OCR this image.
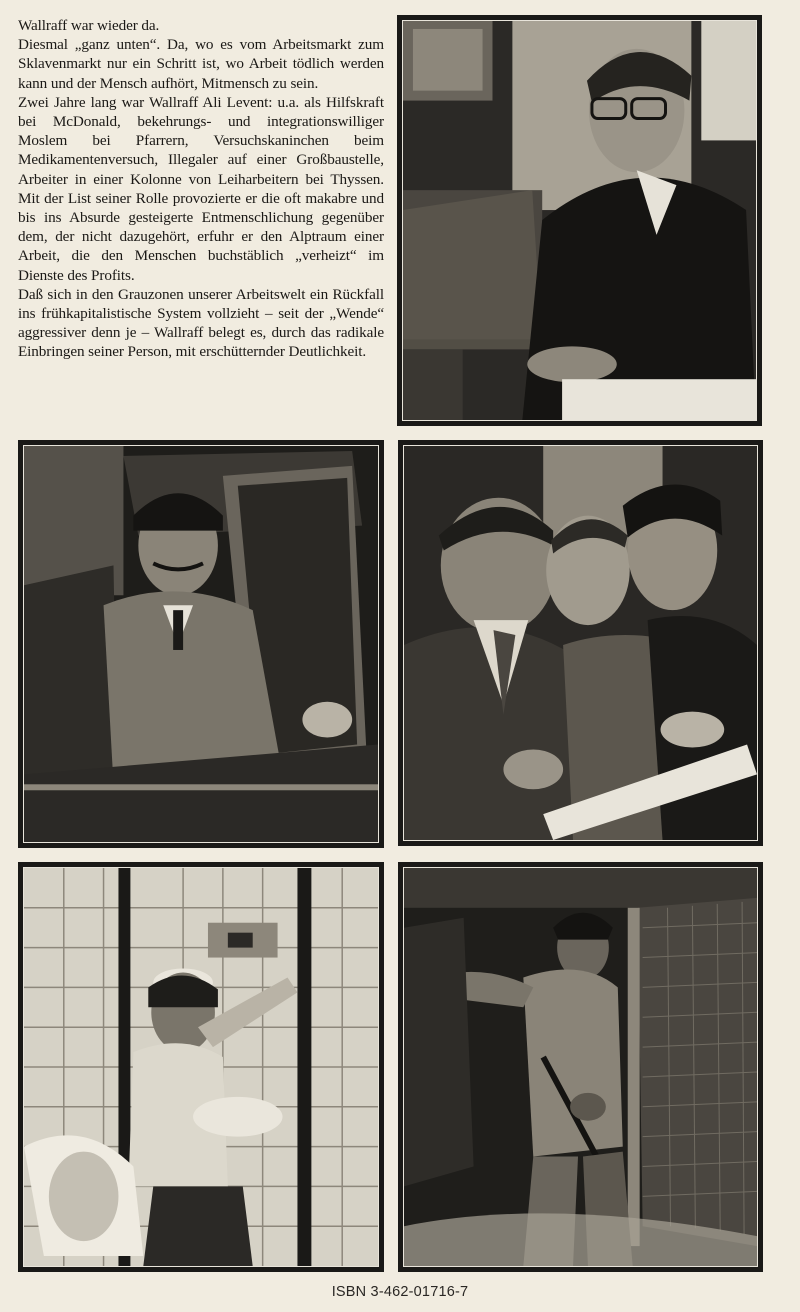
Wallraff war wieder da.

Diesmal „ganz unten“. Da, wo es vom Arbeitsmarkt zum Sklavenmarkt nur ein Schritt ist, wo Arbeit tödlich werden kann und der Mensch aufhört, Mitmensch zu sein.

Zwei Jahre lang war Wallraff Ali Levent: u.a. als Hilfskraft bei McDonald, bekehrungs- und integrationswilliger Moslem bei Pfarrern, Versuchskaninchen beim Medikamentenversuch, Illegaler auf einer Großbaustelle, Arbeiter in einer Kolonne von Leiharbeitern bei Thyssen. Mit der List seiner Rolle provozierte er die oft makabre und bis ins Absurde gesteigerte Entmenschlichung gegenüber dem, der nicht dazugehört, erfuhr er den Alptraum einer Arbeit, die den Menschen buchstäblich „verheizt“ im Dienste des Profits.

Daß sich in den Grauzonen unserer Arbeitswelt ein Rückfall ins frühkapitalistische System vollzieht – seit der „Wende“ aggressiver denn je – Wallraff belegt es, durch das radikale Einbringen seiner Person, mit erschütternder Deutlichkeit.

ISBN 3-462-01716-7
